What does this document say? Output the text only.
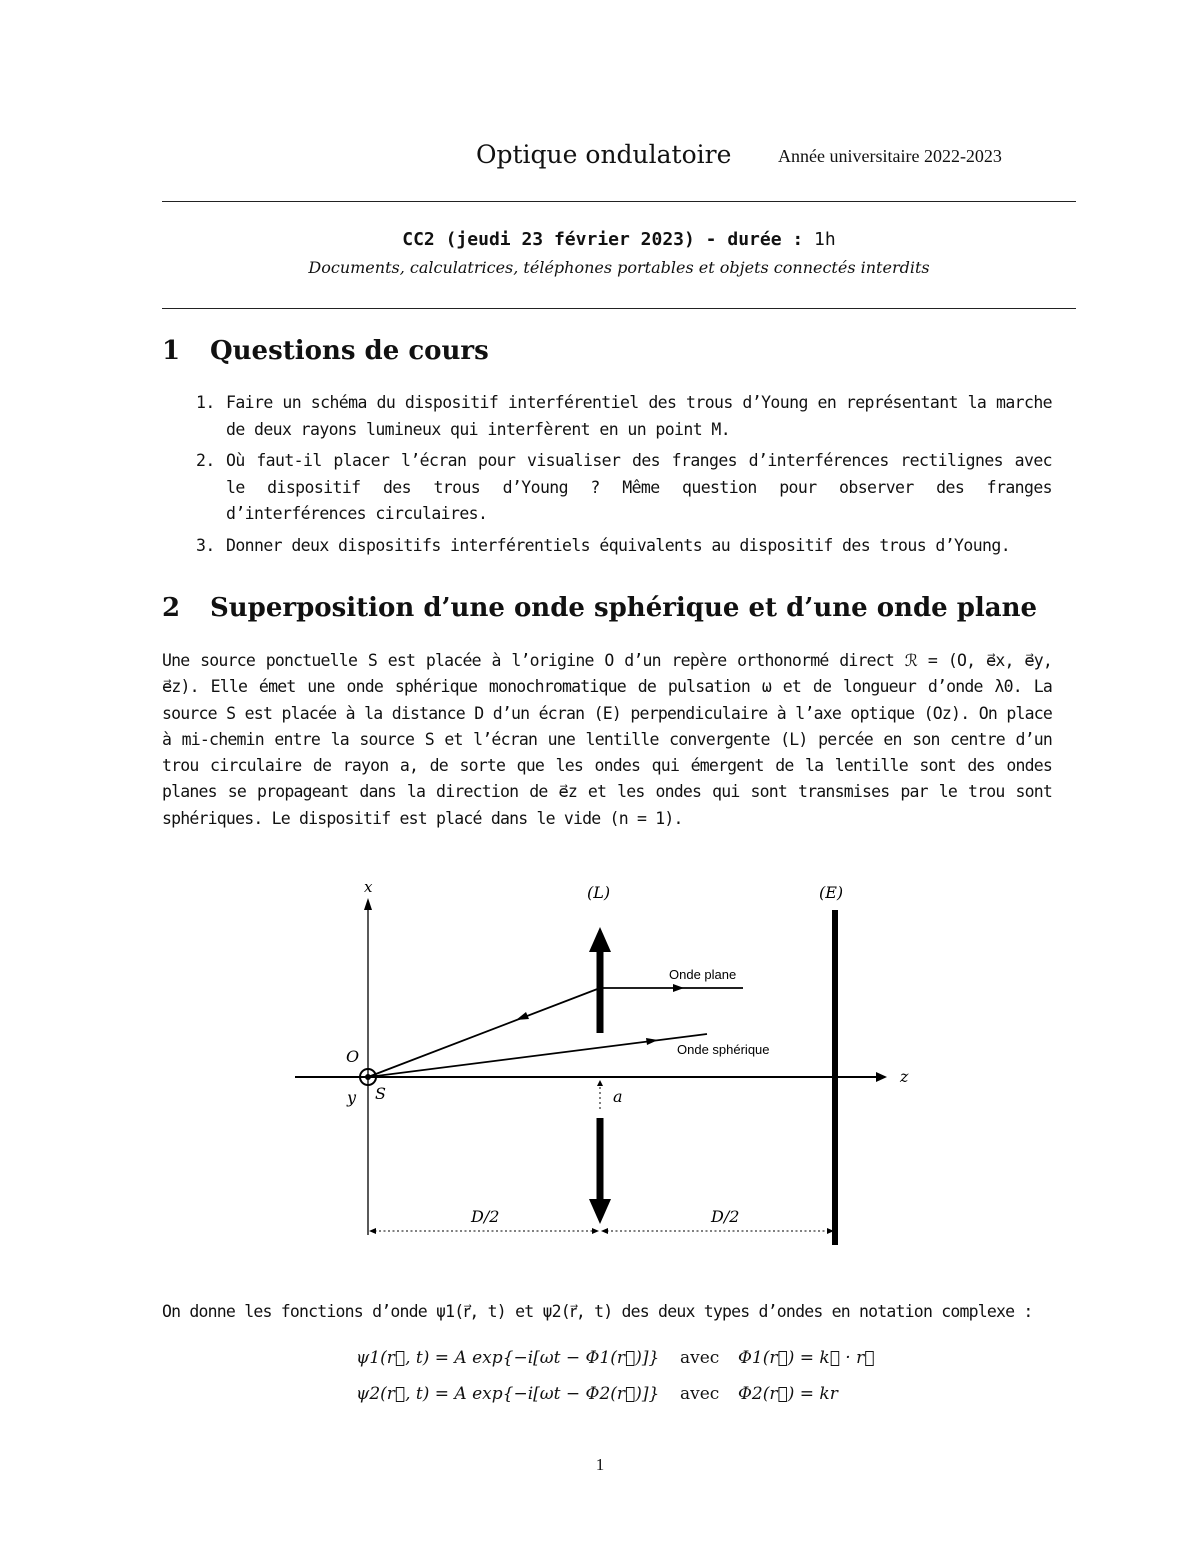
Optique ondulatoire	Année universitaire 2022-2023
CC2 (jeudi 23 février 2023) - durée : 1h
Documents, calculatrices, téléphones portables et objets connectés interdits
1 Questions de cours
1. Faire un schéma du dispositif interférentiel des trous d’Young en représentant la marche de deux rayons lumineux qui interfèrent en un point M.
2. Où faut-il placer l’écran pour visualiser des franges d’interférences rectilignes avec le dispositif des trous d’Young ? Même question pour observer des franges d’interférences circulaires.
3. Donner deux dispositifs interférentiels équivalents au dispositif des trous d’Young.
2 Superposition d’une onde sphérique et d’une onde plane
Une source ponctuelle S est placée à l’origine O d’un repère orthonormé direct ℛ = (O, e⃗x, e⃗y, e⃗z). Elle émet une onde sphérique monochromatique de pulsation ω et de longueur d’onde λ0. La source S est placée à la distance D d’un écran (E) perpendiculaire à l’axe optique (Oz). On place à mi-chemin entre la source S et l’écran une lentille convergente (L) percée en son centre d’un trou circulaire de rayon a, de sorte que les ondes qui émergent de la lentille sont des ondes planes se propageant dans la direction de e⃗z et les ondes qui sont transmises par le trou sont sphériques. Le dispositif est placé dans le vide (n = 1).
z
x
O
y S
(L)
a
(E)
Onde plane
Onde sphérique
D/2	D/2
On donne les fonctions d’onde ψ1(r⃗, t) et ψ2(r⃗, t) des deux types d’ondes en notation complexe :
ψ1(r⃗, t) = A exp{−i[ωt − Φ1(r⃗)]} avec Φ1(r⃗) = k⃗ · r⃗
ψ2(r⃗, t) = A exp{−i[ωt − Φ2(r⃗)]} avec Φ2(r⃗) = kr
1
